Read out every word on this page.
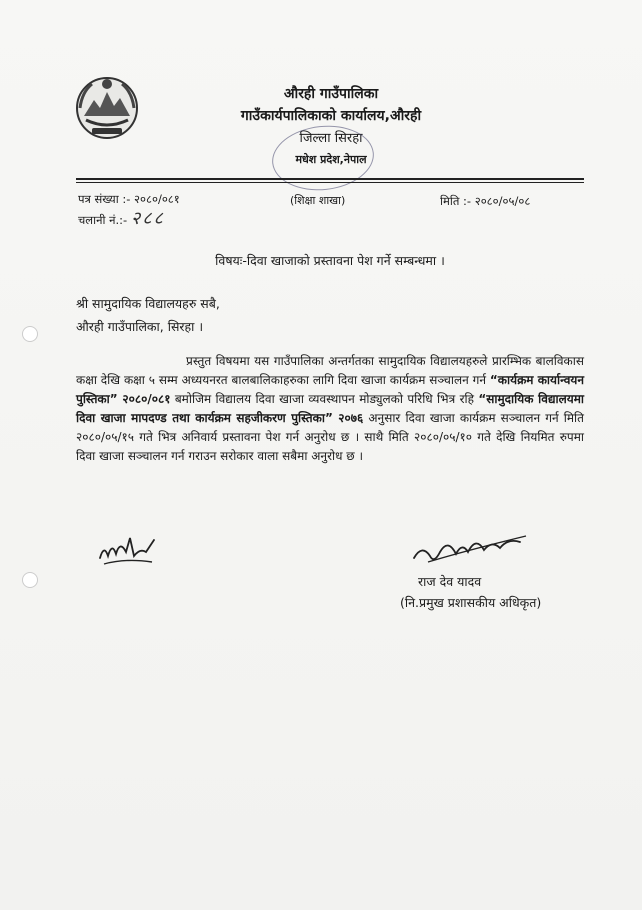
औरही गाउँपालिका
गाउँकार्यपालिकाको कार्यालय,औरही
जिल्ला सिरहा
मधेश प्रदेश,नेपाल
पत्र संख्या :- २०८०/०८१
चलानी नं.:- २८८
(शिक्षा शाखा)	मिति :- २०८०/०५/०८
विषयः-दिवा खाजाको प्रस्तावना पेश गर्ने सम्बन्धमा ।
श्री सामुदायिक विद्यालयहरु सबै,
औरही गाउँपालिका, सिरहा ।
प्रस्तुत विषयमा यस गाउँपालिका अन्तर्गतका सामुदायिक विद्यालयहरुले प्रारम्भिक बालविकास कक्षा देखि कक्षा ५ सम्म अध्ययनरत बालबालिकाहरुका लागि दिवा खाजा कार्यक्रम सञ्चालन गर्न “कार्यक्रम कार्यान्वयन पुस्तिका” २०८०/०८१ बमोजिम विद्यालय दिवा खाजा व्यवस्थापन मोड्युलको परिधि भित्र रहि “सामुदायिक विद्यालयमा दिवा खाजा मापदण्ड तथा कार्यक्रम सहजीकरण पुस्तिका” २०७६ अनुसार दिवा खाजा कार्यक्रम सञ्चालन गर्न मिति २०८०/०५/१५ गते भित्र अनिवार्य प्रस्तावना पेश गर्न अनुरोध छ । साथै मिति २०८०/०५/१० गते देखि नियमित रुपमा दिवा खाजा सञ्चालन गर्न गराउन सरोकार वाला सबैमा अनुरोध छ ।
राज देव यादव
(नि.प्रमुख प्रशासकीय अधिकृत)
